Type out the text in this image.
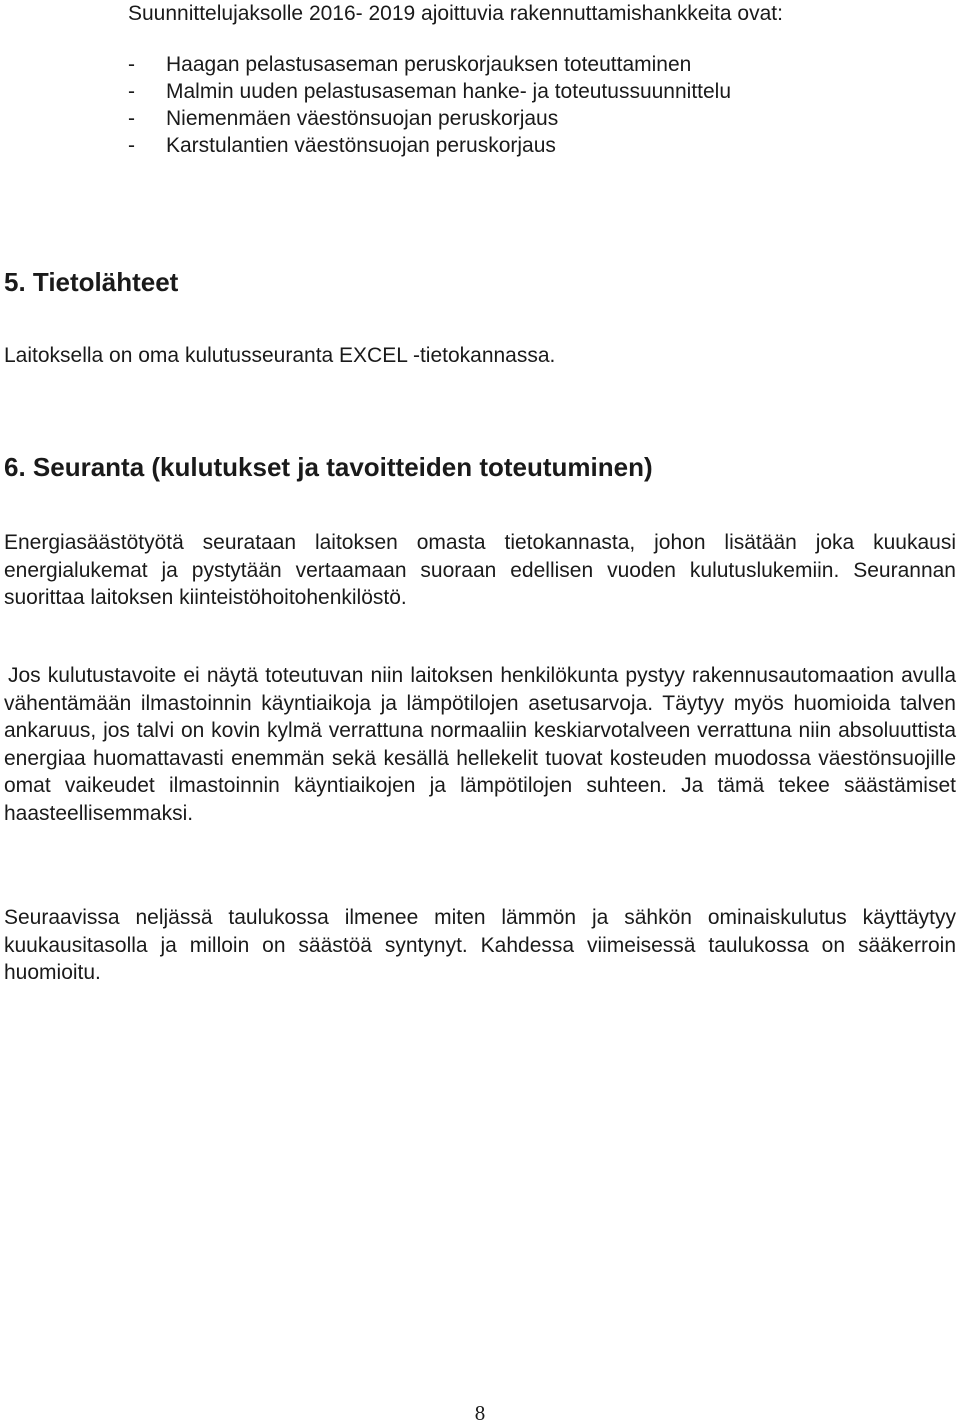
Suunnittelujaksolle 2016- 2019 ajoittuvia rakennuttamishankkeita ovat:
-	Haagan pelastusaseman peruskorjauksen toteuttaminen
-	Malmin uuden pelastusaseman hanke- ja toteutussuunnittelu
-	Niemenmäen väestönsuojan peruskorjaus
-	Karstulantien väestönsuojan peruskorjaus
5. Tietolähteet

Laitoksella on oma kulutusseuranta EXCEL -tietokannassa.

6. Seuranta (kulutukset ja tavoitteiden toteutuminen)

Energiasäästötyötä seurataan laitoksen omasta tietokannasta, johon lisätään joka kuukausi energialukemat ja pystytään vertaamaan suoraan edellisen vuoden kulutuslukemiin. Seurannan suorittaa laitoksen kiinteistöhoitohenkilöstö.

Jos kulutustavoite ei näytä toteutuvan niin laitoksen henkilökunta pystyy rakennusautomaation avulla vähentämään ilmastoinnin käyntiaikoja ja lämpötilojen asetusarvoja. Täytyy myös huomioida talven ankaruus, jos talvi on kovin kylmä verrattuna normaaliin keskiarvotalveen verrattuna niin absoluuttista energiaa huomattavasti enemmän sekä kesällä hellekelit tuovat kosteuden muodossa väestönsuojille omat vaikeudet ilmastoinnin käyntiaikojen ja lämpötilojen suhteen. Ja tämä tekee säästämiset haasteellisemmaksi.

Seuraavissa neljässä taulukossa ilmenee miten lämmön ja sähkön ominaiskulutus käyttäytyy kuukausitasolla ja milloin on säästöä syntynyt. Kahdessa viimeisessä taulukossa on sääkerroin huomioitu.

8
